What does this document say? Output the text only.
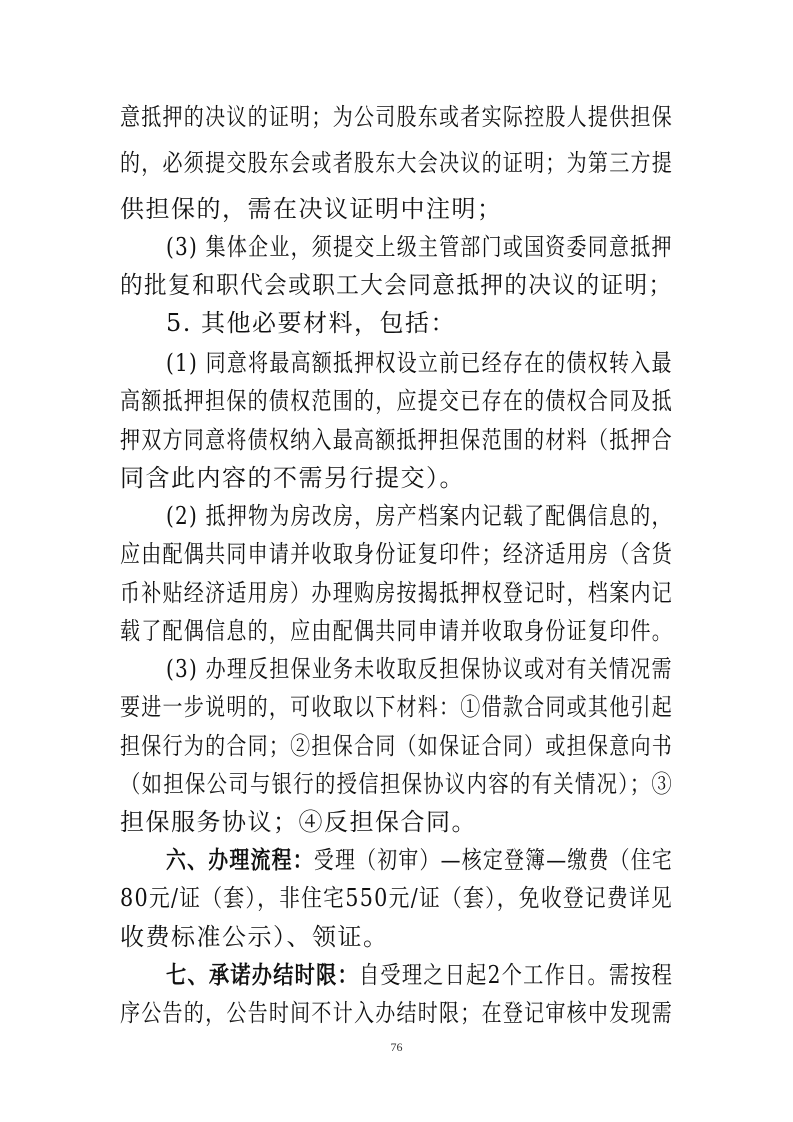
意抵押的决议的证明；为公司股东或者实际控股人提供担保
的，必须提交股东会或者股东大会决议的证明；为第三方提
供担保的，需在决议证明中注明；
(3) 集体企业，须提交上级主管部门或国资委同意抵押
的批复和职代会或职工大会同意抵押的决议的证明；
5. 其他必要材料，包括：
(1) 同意将最高额抵押权设立前已经存在的债权转入最
高额抵押担保的债权范围的，应提交已存在的债权合同及抵
押双方同意将债权纳入最高额抵押担保范围的材料（抵押合
同含此内容的不需另行提交）。
(2) 抵押物为房改房，房产档案内记载了配偶信息的，
应由配偶共同申请并收取身份证复印件；经济适用房（含货
币补贴经济适用房）办理购房按揭抵押权登记时，档案内记
载了配偶信息的，应由配偶共同申请并收取身份证复印件。
(3) 办理反担保业务未收取反担保协议或对有关情况需
要进一步说明的，可收取以下材料：①借款合同或其他引起
担保行为的合同；②担保合同（如保证合同）或担保意向书
（如担保公司与银行的授信担保协议内容的有关情况）；③
担保服务协议；④反担保合同。
六、办理流程：受理（初审）—核定登簿—缴费（住宅
80元/证（套），非住宅550元/证（套），免收登记费详见
收费标准公示）、领证。
七、承诺办结时限：自受理之日起2个工作日。需按程
序公告的，公告时间不计入办结时限；在登记审核中发现需
76
